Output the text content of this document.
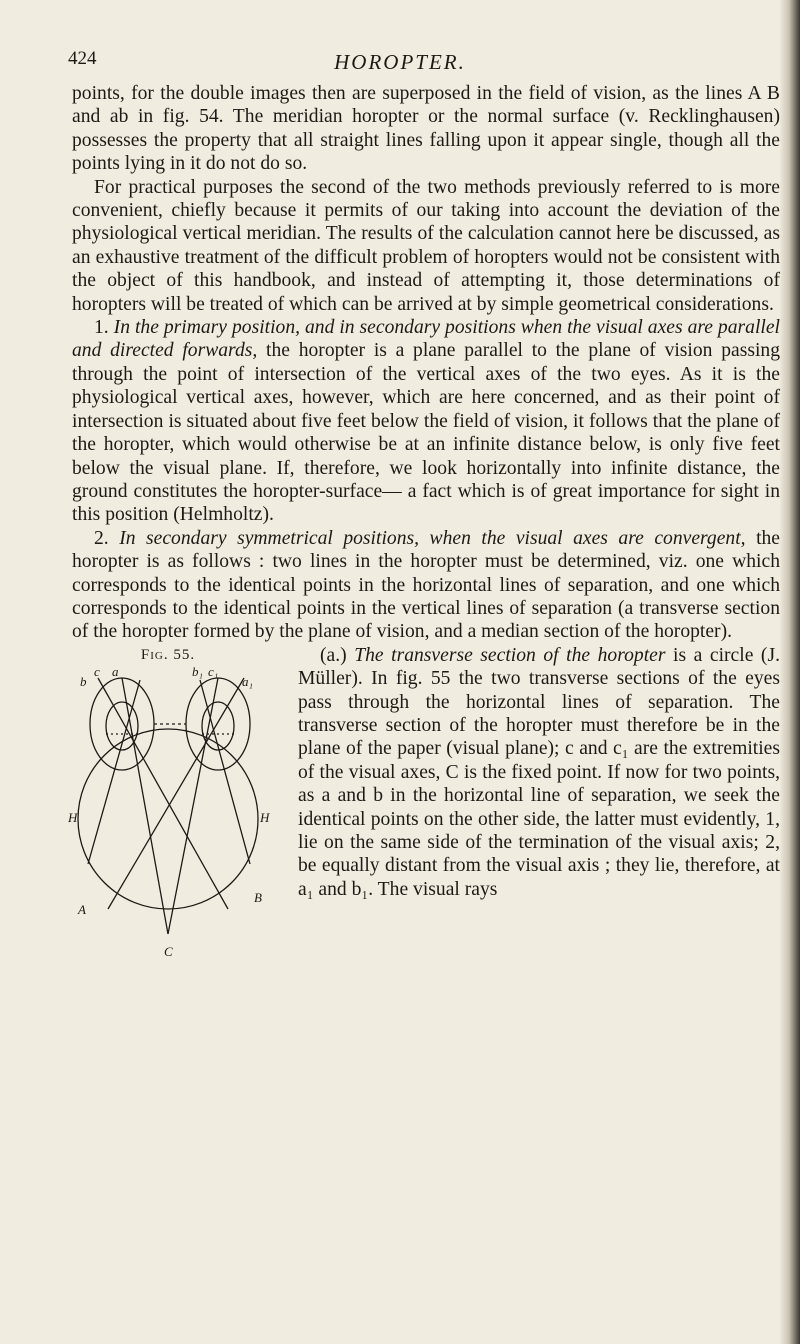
424	HOROPTER.

points, for the double images then are superposed in the field of vision, as the lines A B and ab in fig. 54. The meridian horopter or the normal surface (v. Recklinghausen) possesses the property that all straight lines falling upon it appear single, though all the points lying in it do not do so.

For practical purposes the second of the two methods previously referred to is more convenient, chiefly because it permits of our taking into account the deviation of the physiological vertical meridian. The results of the calculation cannot here be discussed, as an exhaustive treatment of the difficult problem of horopters would not be consistent with the object of this handbook, and instead of attempting it, those determinations of horopters will be treated of which can be arrived at by simple geometrical considerations.

1. In the primary position, and in secondary positions when the visual axes are parallel and directed forwards, the horopter is a plane parallel to the plane of vision passing through the point of intersection of the vertical axes of the two eyes. As it is the physiological vertical axes, however, which are here concerned, and as their point of intersection is situated about five feet below the field of vision, it follows that the plane of the horopter, which would otherwise be at an infinite distance below, is only five feet below the visual plane. If, therefore, we look horizontally into infinite distance, the ground constitutes the horopter-surface— a fact which is of great importance for sight in this position (Helmholtz).

2. In secondary symmetrical positions, when the visual axes are convergent, the horopter is as follows : two lines in the horopter must be determined, viz. one which corresponds to the identical points in the horizontal lines of separation, and one which corresponds to the identical points in the vertical lines of separation (a transverse section of the horopter formed by the plane of vision, and a median section of the horopter).

Fig. 55.
c a
b
b₁ c₁
a₁
H	H
A
B
C

(a.) The transverse section of the horopter is a circle (J. Müller). In fig. 55 the two transverse sections of the eyes pass through the horizontal lines of separation. The transverse section of the horopter must therefore be in the plane of the paper (visual plane); c and c₁ are the extremities of the visual axes, C is the fixed point. If now for two points, as a and b in the horizontal line of separation, we seek the identical points on the other side, the latter must evidently, 1, lie on the same side of the termination of the visual axis; 2, be equally distant from the visual axis ; they lie, therefore, at a₁ and b₁. The visual rays
